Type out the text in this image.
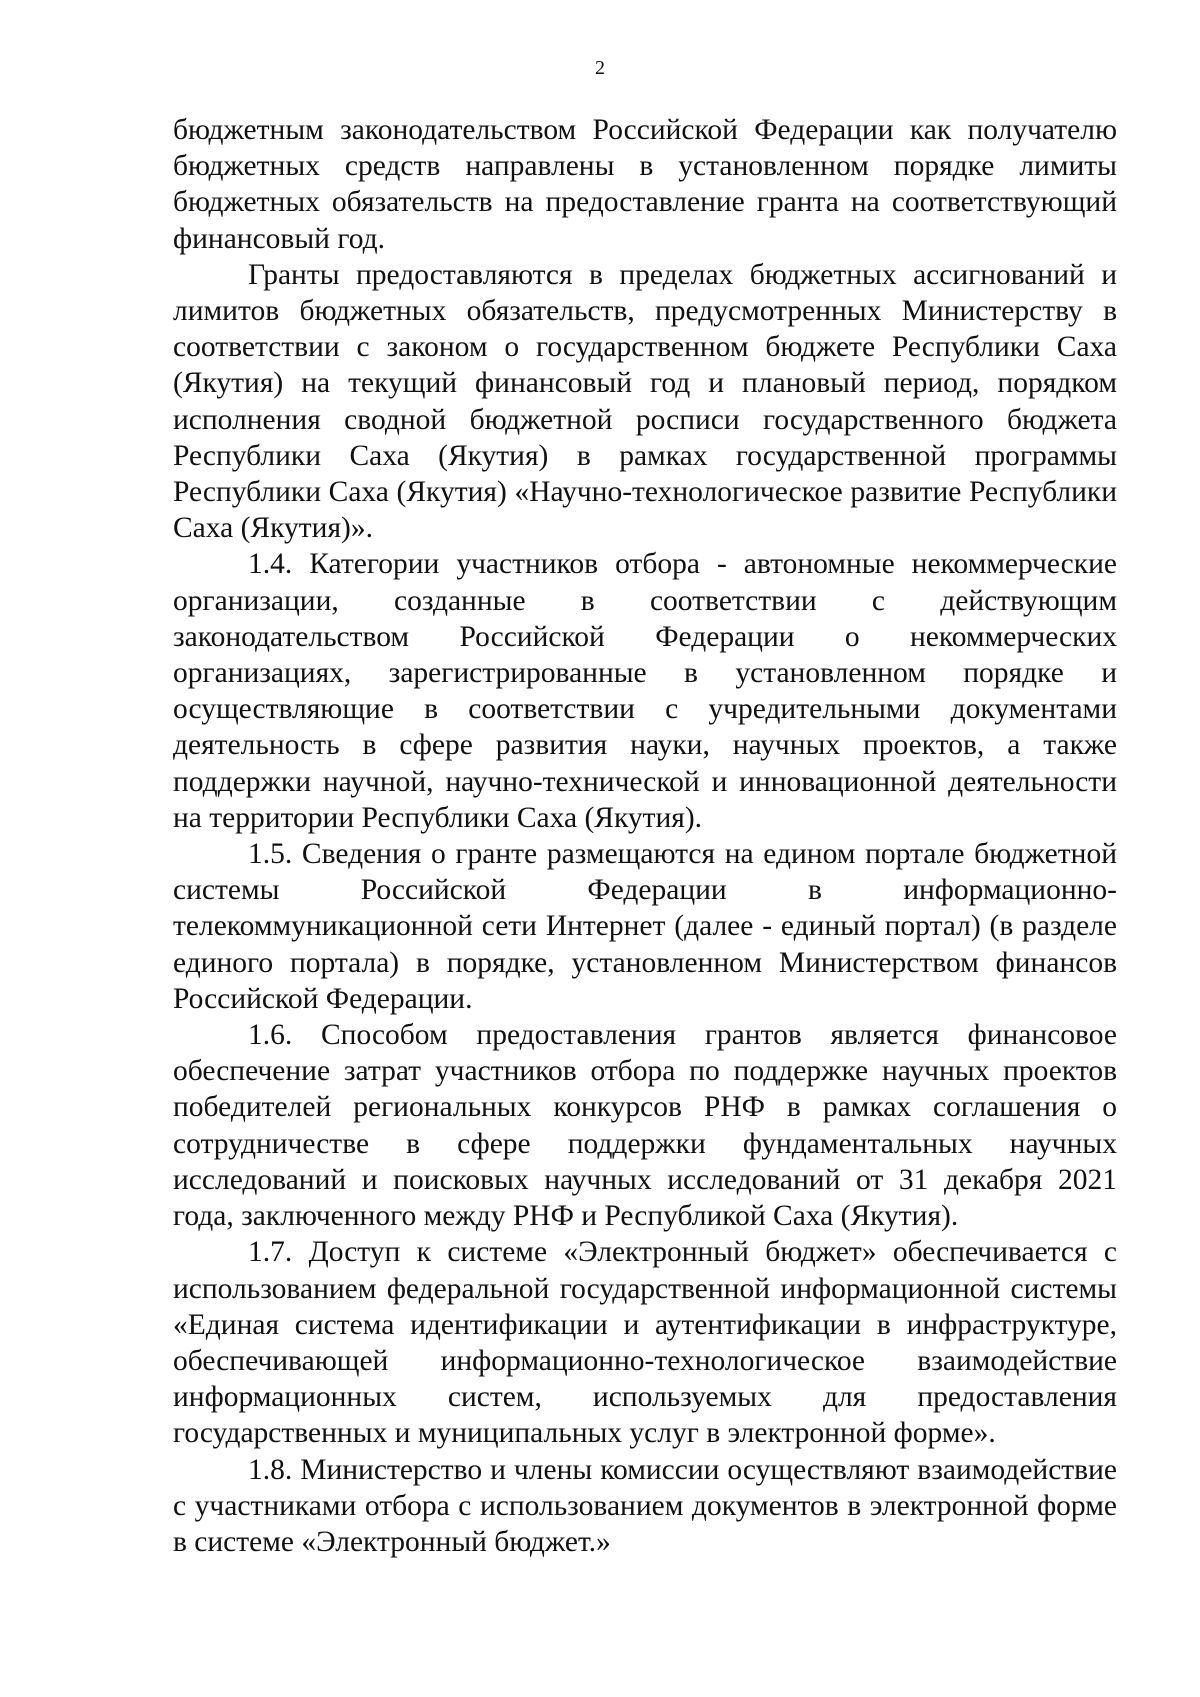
2

бюджетным законодательством Российской Федерации как получателю бюджетных средств направлены в установленном порядке лимиты бюджетных обязательств на предоставление гранта на соответствующий финансовый год.

Гранты предоставляются в пределах бюджетных ассигнований и лимитов бюджетных обязательств, предусмотренных Министерству в соответствии с законом о государственном бюджете Республики Саха (Якутия) на текущий финансовый год и плановый период, порядком исполнения сводной бюджетной росписи государственного бюджета Республики Саха (Якутия) в рамках государственной программы Республики Саха (Якутия) «Научно-технологическое развитие Республики Саха (Якутия)».

1.4. Категории участников отбора - автономные некоммерческие организации, созданные в соответствии с действующим законодательством Российской Федерации о некоммерческих организациях, зарегистрированные в установленном порядке и осуществляющие в соответствии с учредительными документами деятельность в сфере развития науки, научных проектов, а также поддержки научной, научно-технической и инновационной деятельности на территории Республики Саха (Якутия).

1.5. Сведения о гранте размещаются на едином портале бюджетной системы Российской Федерации в информационно-телекоммуникационной сети Интернет (далее - единый портал) (в разделе единого портала) в порядке, установленном Министерством финансов Российской Федерации.

1.6. Способом предоставления грантов является финансовое обеспечение затрат участников отбора по поддержке научных проектов победителей региональных конкурсов РНФ в рамках соглашения о сотрудничестве в сфере поддержки фундаментальных научных исследований и поисковых научных исследований от 31 декабря 2021 года, заключенного между РНФ и Республикой Саха (Якутия).

1.7. Доступ к системе «Электронный бюджет» обеспечивается с использованием федеральной государственной информационной системы «Единая система идентификации и аутентификации в инфраструктуре, обеспечивающей информационно-технологическое взаимодействие информационных систем, используемых для предоставления государственных и муниципальных услуг в электронной форме».

1.8. Министерство и члены комиссии осуществляют взаимодействие с участниками отбора с использованием документов в электронной форме в системе «Электронный бюджет.»
